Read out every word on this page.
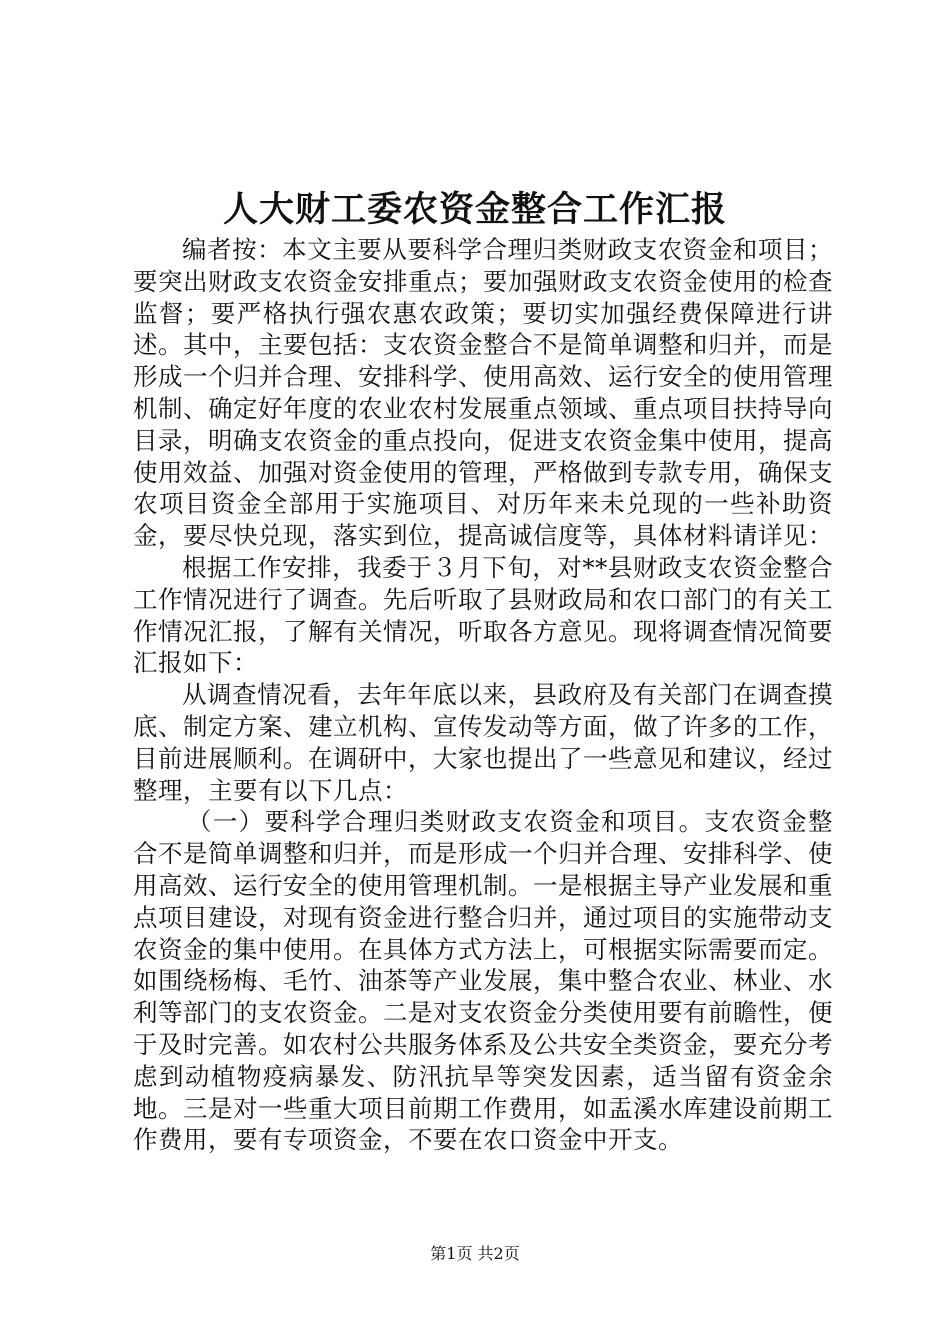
人大财工委农资金整合工作汇报

编者按：本文主要从要科学合理归类财政支农资金和项目；要突出财政支农资金安排重点；要加强财政支农资金使用的检查监督；要严格执行强农惠农政策；要切实加强经费保障进行讲述。其中，主要包括：支农资金整合不是简单调整和归并，而是形成一个归并合理、安排科学、使用高效、运行安全的使用管理机制、确定好年度的农业农村发展重点领域、重点项目扶持导向目录，明确支农资金的重点投向，促进支农资金集中使用，提高使用效益、加强对资金使用的管理，严格做到专款专用，确保支农项目资金全部用于实施项目、对历年来未兑现的一些补助资金，要尽快兑现，落实到位，提高诚信度等，具体材料请详见：

根据工作安排，我委于３月下旬，对**县财政支农资金整合工作情况进行了调查。先后听取了县财政局和农口部门的有关工作情况汇报，了解有关情况，听取各方意见。现将调查情况简要汇报如下：

从调查情况看，去年年底以来，县政府及有关部门在调查摸底、制定方案、建立机构、宣传发动等方面，做了许多的工作，目前进展顺利。在调研中，大家也提出了一些意见和建议，经过整理，主要有以下几点：

（一）要科学合理归类财政支农资金和项目。支农资金整合不是简单调整和归并，而是形成一个归并合理、安排科学、使用高效、运行安全的使用管理机制。一是根据主导产业发展和重点项目建设，对现有资金进行整合归并，通过项目的实施带动支农资金的集中使用。在具体方式方法上，可根据实际需要而定。如围绕杨梅、毛竹、油茶等产业发展，集中整合农业、林业、水利等部门的支农资金。二是对支农资金分类使用要有前瞻性，便于及时完善。如农村公共服务体系及公共安全类资金，要充分考虑到动植物疫病暴发、防汛抗旱等突发因素，适当留有资金余地。三是对一些重大项目前期工作费用，如盂溪水库建设前期工作费用，要有专项资金，不要在农口资金中开支。

第1页 共2页
